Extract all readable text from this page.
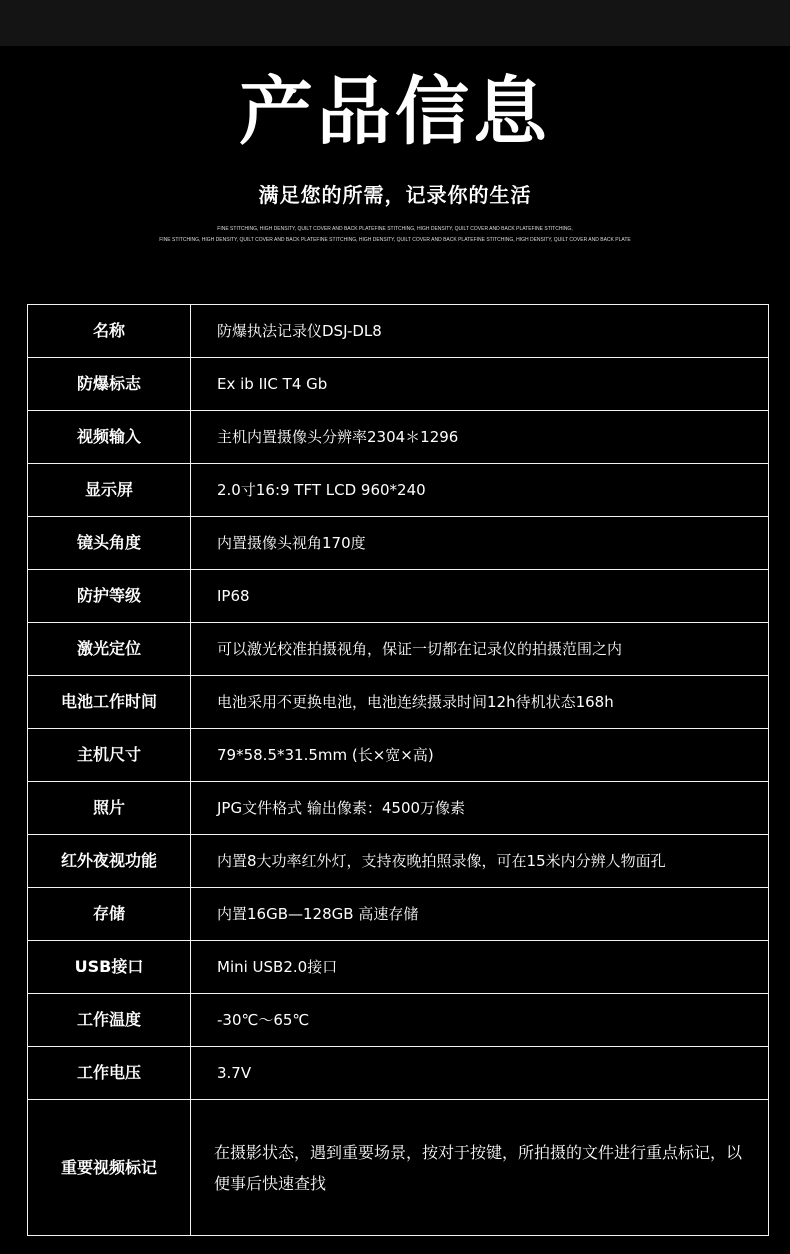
产品信息
满足您的所需，记录你的生活
FINE STITCHING, HIGH DENSITY, QUILT COVER AND BACK PLATEFINE STITCHING, HIGH DENSITY, QUILT COVER AND BACK PLATEFINE STITCHING,
FINE STITCHING, HIGH DENSITY, QUILT COVER AND BACK PLATEFINE STITCHING, HIGH DENSITY, QUILT COVER AND BACK PLATEFINE STITCHING, HIGH DENSITY, QUILT COVER AND BACK PLATE
名称	防爆执法记录仪DSJ-DL8
防爆标志	Ex ib IIC T4 Gb
视频输入	主机内置摄像头分辨率2304＊1296
显示屏	2.0寸16:9 TFT LCD 960*240
镜头角度	内置摄像头视角170度
防护等级	IP68
激光定位	可以激光校准拍摄视角，保证一切都在记录仪的拍摄范围之内
电池工作时间	电池采用不更换电池，电池连续摄录时间12h待机状态168h
主机尺寸	79*58.5*31.5mm (长×宽×高)
照片	JPG文件格式 输出像素：4500万像素
红外夜视功能	内置8大功率红外灯，支持夜晚拍照录像，可在15米内分辨人物面孔
存储	内置16GB—128GB 高速存储
USB接口	Mini USB2.0接口
工作温度	-30℃～65℃
工作电压	3.7V
重要视频标记	在摄影状态，遇到重要场景，按对于按键，所拍摄的文件进行重点标记，以便事后快速查找
